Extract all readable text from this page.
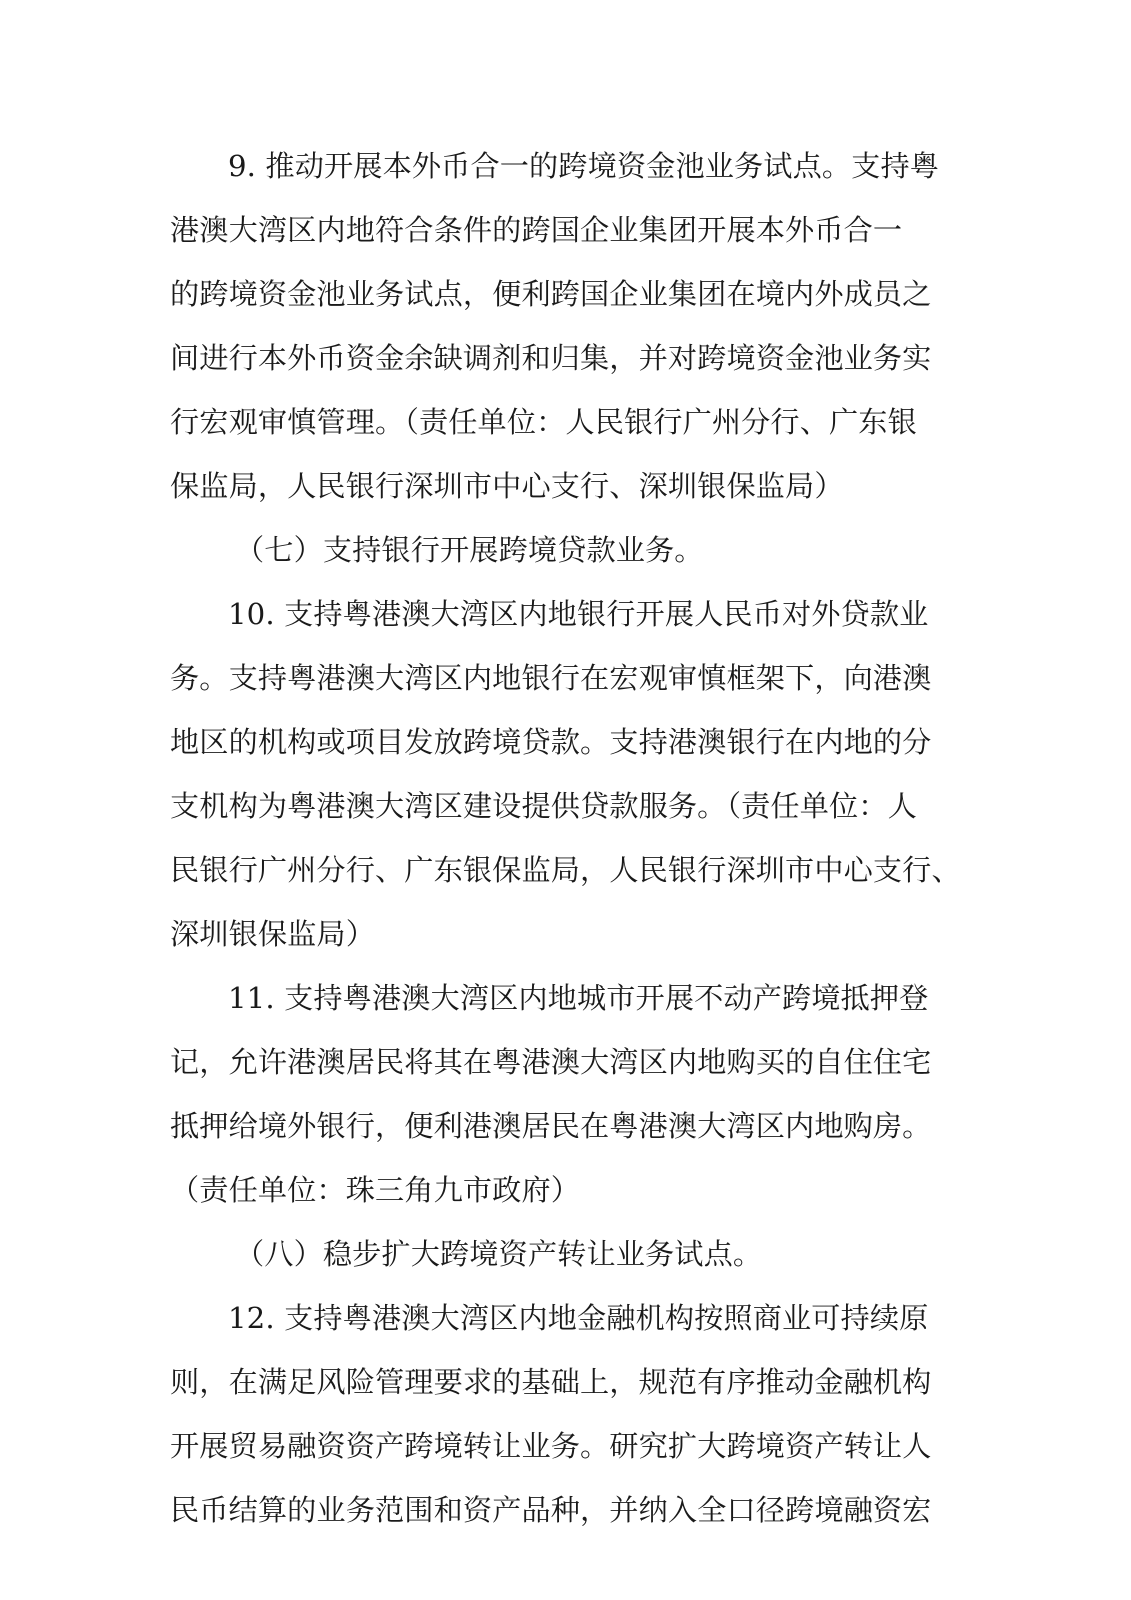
9. 推动开展本外币合一的跨境资金池业务试点。支持粤
港澳大湾区内地符合条件的跨国企业集团开展本外币合一
的跨境资金池业务试点，便利跨国企业集团在境内外成员之
间进行本外币资金余缺调剂和归集，并对跨境资金池业务实
行宏观审慎管理。（责任单位：人民银行广州分行、广东银
保监局，人民银行深圳市中心支行、深圳银保监局）
（七）支持银行开展跨境贷款业务。
10. 支持粤港澳大湾区内地银行开展人民币对外贷款业
务。支持粤港澳大湾区内地银行在宏观审慎框架下，向港澳
地区的机构或项目发放跨境贷款。支持港澳银行在内地的分
支机构为粤港澳大湾区建设提供贷款服务。（责任单位：人
民银行广州分行、广东银保监局，人民银行深圳市中心支行、
深圳银保监局）
11. 支持粤港澳大湾区内地城市开展不动产跨境抵押登
记，允许港澳居民将其在粤港澳大湾区内地购买的自住住宅
抵押给境外银行，便利港澳居民在粤港澳大湾区内地购房。
（责任单位：珠三角九市政府）
（八）稳步扩大跨境资产转让业务试点。
12. 支持粤港澳大湾区内地金融机构按照商业可持续原
则，在满足风险管理要求的基础上，规范有序推动金融机构
开展贸易融资资产跨境转让业务。研究扩大跨境资产转让人
民币结算的业务范围和资产品种，并纳入全口径跨境融资宏
